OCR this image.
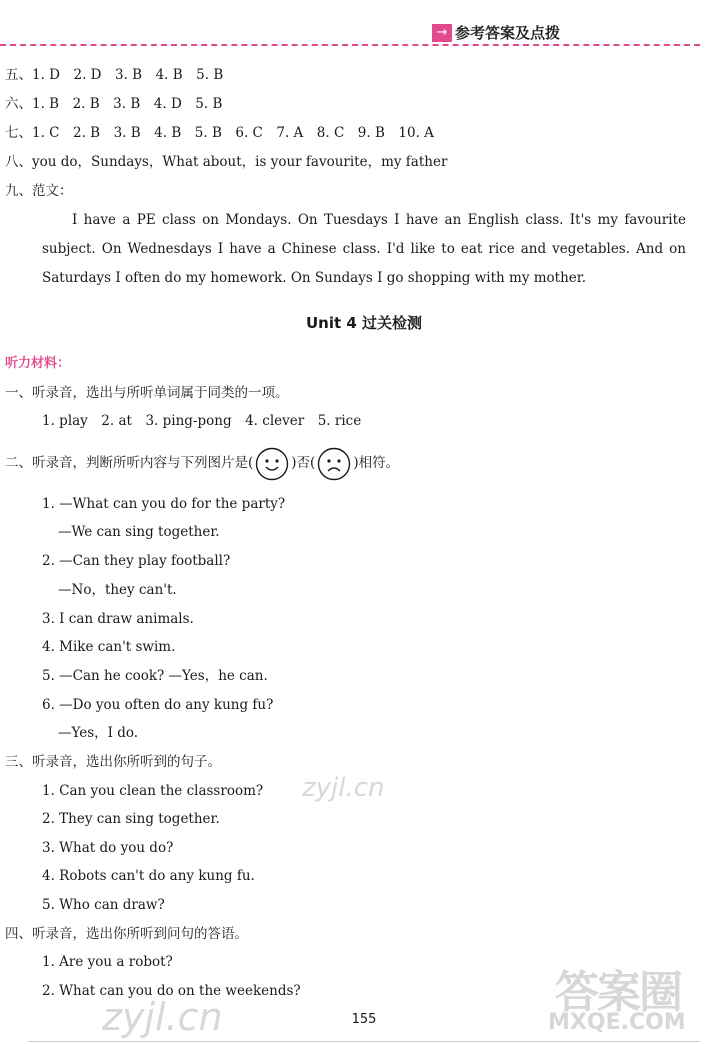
→ 参考答案及点拨
五、1. D　2. D　3. B　4. B　5. B
六、1. B　2. B　3. B　4. D　5. B
七、1. C　2. B　3. B　4. B　5. B　6. C　7. A　8. C　9. B　10. A
八、you do，Sundays，What about，is your favourite，my father
九、范文：
I have a PE class on Mondays. On Tuesdays I have an English class. It's my favourite
subject. On Wednesdays I have a Chinese class. I'd like to eat rice and vegetables. And on
Saturdays I often do my homework. On Sundays I go shopping with my mother.
Unit 4 过关检测
听力材料：
一、听录音，选出与所听单词属于同类的一项。
1. play　2. at　3. ping-pong　4. clever　5. rice
二、听录音，判断所听内容与下列图片是(	)否(	)相符。
1. —What can you do for the party?
—We can sing together.
2. —Can they play football?
—No，they can't.
3. I can draw animals.
4. Mike can't swim.
5. —Can he cook? —Yes，he can.
6. —Do you often do any kung fu?
—Yes，I do.
三、听录音，选出你所听到的句子。
1. Can you clean the classroom?
2. They can sing together.
3. What do you do?
4. Robots can't do any kung fu.
5. Who can draw?
四、听录音，选出你所听到问句的答语。
1. Are you a robot?
2. What can you do on the weekends?
zyjl.cn
zyjl.cn	答案圈
MXQE.COM
155
